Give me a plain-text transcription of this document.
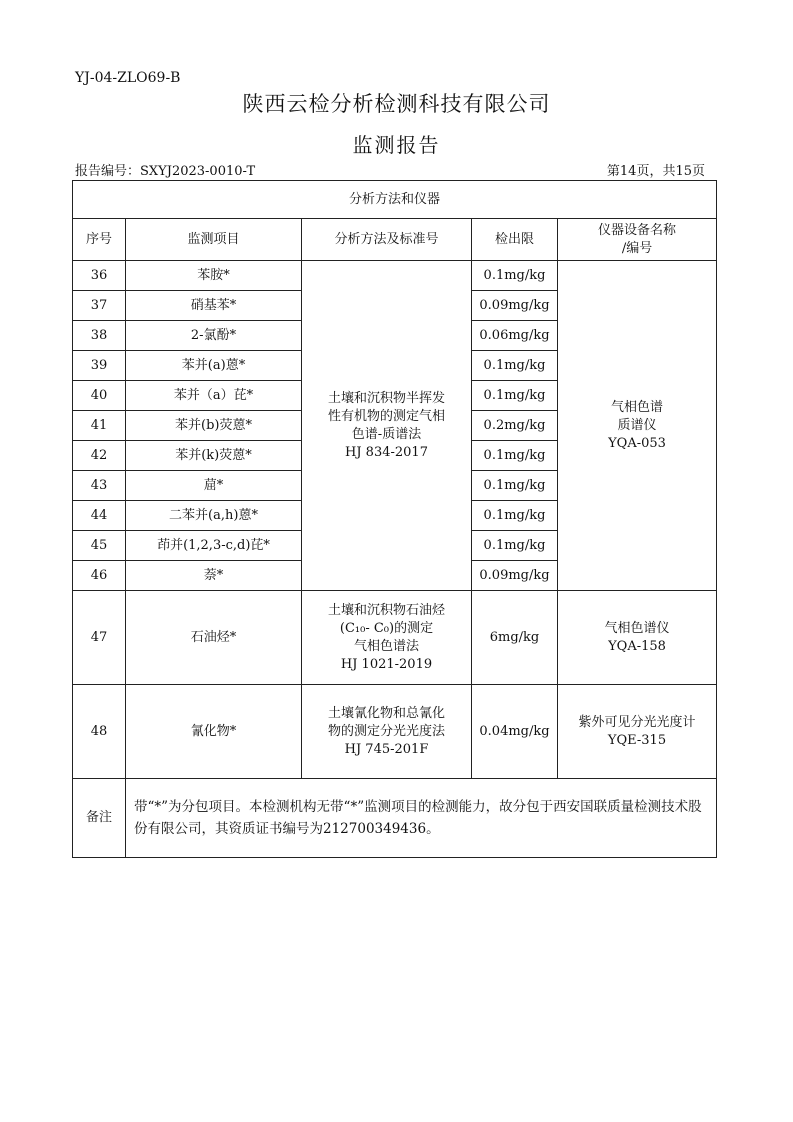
YJ-04-ZLO69-B
陕西云检分析检测科技有限公司
监测报告
报告编号：SXYJ2023-0010-T	第14页，共15页
分析方法和仪器				
序号	监测项目	分析方法及标准号	检出限	仪器设备名称
/编号
36	苯胺*	土壤和沉积物半挥发
性有机物的测定气相
色谱-质谱法
HJ 834-2017	0.1mg/kg	气相色谱
质谱仪
YQA-053
37	硝基苯*		0.09mg/kg	
38	2-氯酚*		0.06mg/kg	
39	苯并(a)蒽*		0.1mg/kg	
40	苯并（a）芘*		0.1mg/kg	
41	苯并(b)荧蒽*		0.2mg/kg	
42	苯并(k)荧蒽*		0.1mg/kg	
43	䓛*		0.1mg/kg	
44	二苯并(a,h)蒽*		0.1mg/kg	
45	茚并(1,2,3-c,d)芘*		0.1mg/kg	
46	萘*		0.09mg/kg	
47	石油烃*	土壤和沉积物石油烃
(C₁₀- C₀)的测定
气相色谱法
HJ 1021-2019	6mg/kg	气相色谱仪
YQA-158
48	氰化物*	土壤氰化物和总氰化
物的测定分光光度法
HJ 745-201F	0.04mg/kg	紫外可见分光光度计
YQE-315
备注	带“*”为分包项目。本检测机构无带“*”监测项目的检测能力，故分包于西安国联质量检测技术股份有限公司，其资质证书编号为212700349436。			
